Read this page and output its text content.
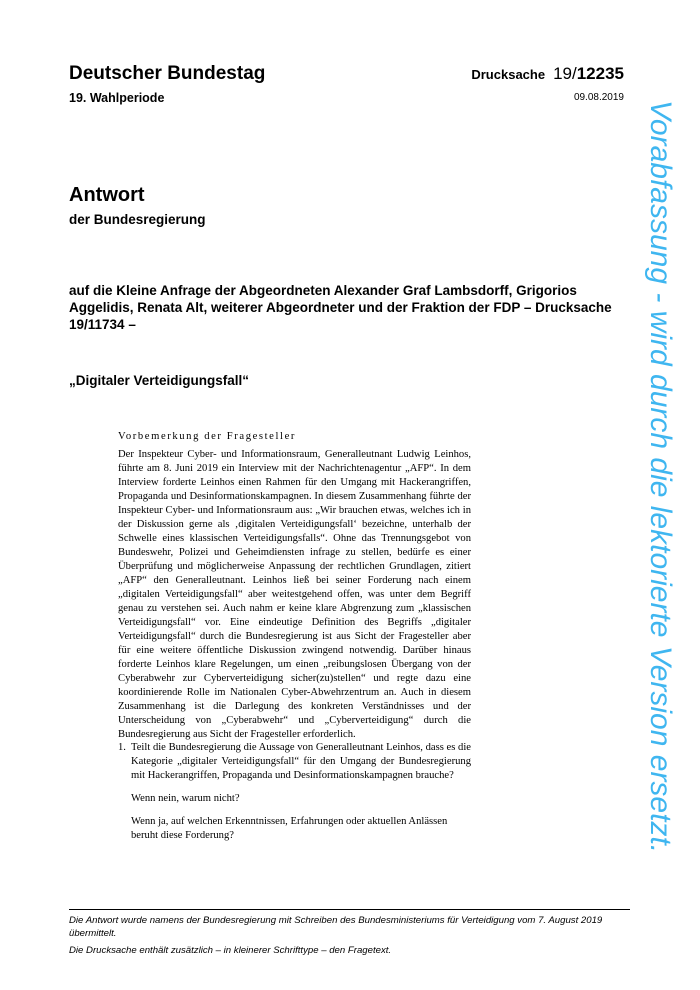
Deutscher Bundestag
19. Wahlperiode
Drucksache 19/12235
09.08.2019
Antwort
der Bundesregierung
auf die Kleine Anfrage der Abgeordneten Alexander Graf Lambsdorff, Grigorios Aggelidis, Renata Alt, weiterer Abgeordneter und der Fraktion der FDP – Drucksache 19/11734 –
„Digitaler Verteidigungsfall“
Vorbemerkung der Fragesteller

Der Inspekteur Cyber- und Informationsraum, Generalleutnant Ludwig Leinhos, führte am 8. Juni 2019 ein Interview mit der Nachrichtenagentur „AFP“. In dem Interview forderte Leinhos einen Rahmen für den Umgang mit Hackerangriffen, Propaganda und Desinformationskampagnen. In diesem Zusammenhang führte der Inspekteur Cyber- und Informationsraum aus: „Wir brauchen etwas, welches ich in der Diskussion gerne als ‚digitalen Verteidigungsfall‘ bezeichne, unterhalb der Schwelle eines klassischen Verteidigungsfalls“. Ohne das Trennungsgebot von Bundeswehr, Polizei und Geheimdiensten infrage zu stellen, bedürfe es einer Überprüfung und möglicherweise Anpassung der rechtlichen Grundlagen, zitiert „AFP“ den Generalleutnant. Leinhos ließ bei seiner Forderung nach einem „digitalen Verteidigungsfall“ aber weitestgehend offen, was unter dem Begriff genau zu verstehen sei. Auch nahm er keine klare Abgrenzung zum „klassischen Verteidigungsfall“ vor. Eine eindeutige Definition des Begriffs „digitaler Verteidigungsfall“ durch die Bundesregierung ist aus Sicht der Fragesteller aber für eine weitere öffentliche Diskussion zwingend notwendig. Darüber hinaus forderte Leinhos klare Regelungen, um einen „reibungslosen Übergang von der Cyberabwehr zur Cyberverteidigung sicher(zu)stellen“ und regte dazu eine koordinierende Rolle im Nationalen Cyber-Abwehrzentrum an. Auch in diesem Zusammenhang ist die Darlegung des konkreten Verständnisses und der Unterscheidung von „Cyberabwehr“ und „Cyberverteidigung“ durch die Bundesregierung aus Sicht der Fragesteller erforderlich.

1. Teilt die Bundesregierung die Aussage von Generalleutnant Leinhos, dass es die Kategorie „digitaler Verteidigungsfall“ für den Umgang der Bundesregierung mit Hackerangriffen, Propaganda und Desinformationskampagnen brauche?

Wenn nein, warum nicht?

Wenn ja, auf welchen Erkenntnissen, Erfahrungen oder aktuellen Anlässen beruht diese Forderung?

Die Antwort wurde namens der Bundesregierung mit Schreiben des Bundesministeriums für Verteidigung vom 7. August 2019 übermittelt.

Die Drucksache enthält zusätzlich – in kleinerer Schrifttype – den Fragetext.

Vorabfassung - wird durch die lektorierte Version ersetzt.
